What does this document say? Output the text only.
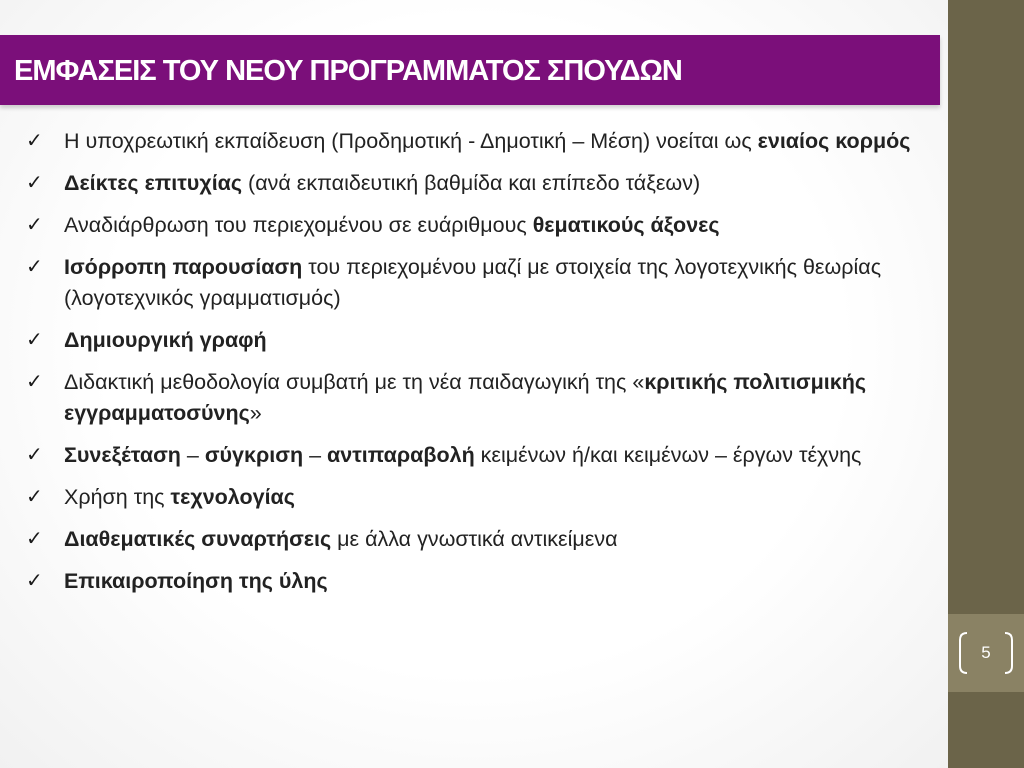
ΕΜΦΑΣΕΙΣ ΤΟΥ ΝΕΟΥ ΠΡΟΓΡΑΜΜΑΤΟΣ ΣΠΟΥΔΩΝ
✓ Η υποχρεωτική εκπαίδευση (Προδημοτική - Δημοτική – Μέση) νοείται ως ενιαίος κορμός
✓ Δείκτες επιτυχίας (ανά εκπαιδευτική βαθμίδα και επίπεδο τάξεων)
✓ Αναδιάρθρωση του περιεχομένου σε ευάριθμους θεματικούς άξονες
✓ Ισόρροπη παρουσίαση του περιεχομένου μαζί με στοιχεία της λογοτεχνικής θεωρίας (λογοτεχνικός γραμματισμός)
✓ Δημιουργική γραφή
✓ Διδακτική μεθοδολογία συμβατή με τη νέα παιδαγωγική της «κριτικής πολιτισμικής εγγραμματοσύνης»
✓ Συνεξέταση – σύγκριση – αντιπαραβολή κειμένων ή/και κειμένων – έργων τέχνης
✓ Χρήση της τεχνολογίας
✓ Διαθεματικές συναρτήσεις με άλλα γνωστικά αντικείμενα
✓ Επικαιροποίηση της ύλης
5
